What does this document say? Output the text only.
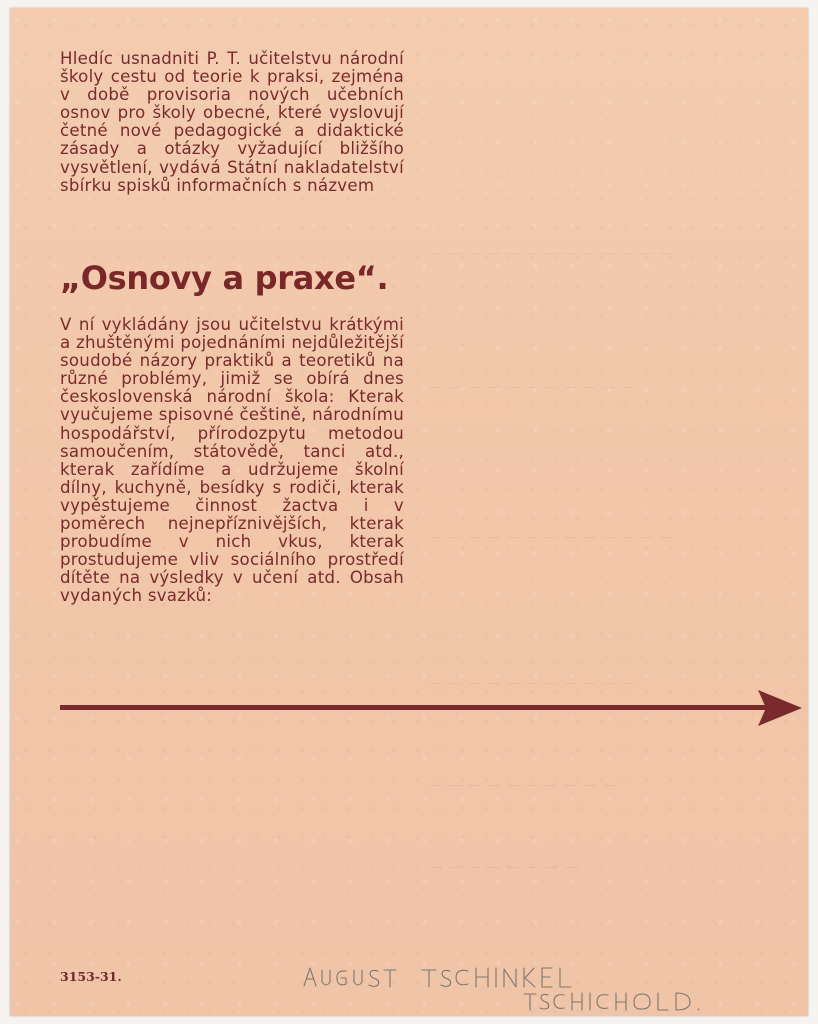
— — — — — — — — — — — — —
— — — — — — — — — — —
— — — — — — — — — — — — —
— — — — — — — — — — —
— — — — — — — — — —
— — — — — — — —

Hledíc usnadniti P. T. učitelstvu národní školy cestu od teorie k praksi, zejména v době provisoria nových učebních osnov pro školy obecné, které vyslovují četné nové pedagogické a didaktické zásady a otázky vyžadující bližšího vysvětlení, vydává Státní nakladatelství sbírku spisků informačních s názvem

„Osnovy a praxe“.

V ní vykládány jsou učitelstvu krátkými a zhuštěnými pojednáními nejdůležitější soudobé názory praktiků a teoretiků na různé problémy, jimiž se obírá dnes československá národní škola: Kterak vyučujeme spisovné češtině, národnímu hospodářství, přírodozpytu metodou samoučením, státovědě, tanci atd., kterak zařídíme a udržujeme školní dílny, kuchyně, besídky s rodiči, kterak vypěstujeme činnost žactva i v poměrech nejnepříznivějších, kterak probudíme v nich vkus, kterak prostudujeme vliv sociálního prostředí dítěte na výsledky v učení atd. Obsah vydaných svazků:

3153-31.
